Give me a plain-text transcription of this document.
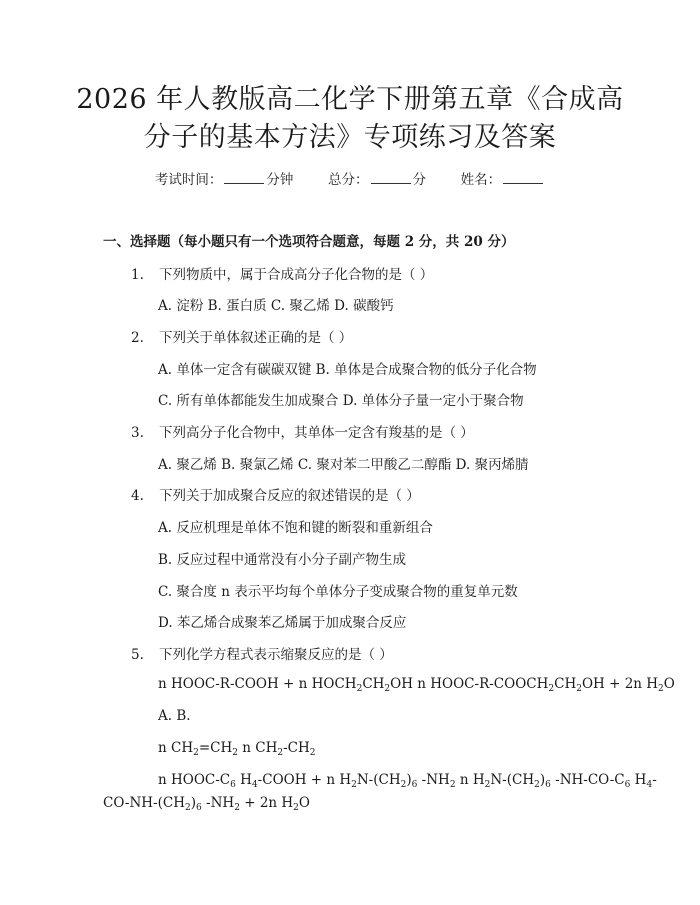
2026 年人教版高二化学下册第五章《合成高
分子的基本方法》专项练习及答案
考试时间：	分钟	总分：	分	姓名：
一、选择题（每小题只有一个选项符合题意，每题 2 分，共 20 分）
1. 下列物质中，属于合成高分子化合物的是（ ）
A. 淀粉 B. 蛋白质 C. 聚乙烯 D. 碳酸钙
2. 下列关于单体叙述正确的是（ ）
A. 单体一定含有碳碳双键 B. 单体是合成聚合物的低分子化合物
C. 所有单体都能发生加成聚合 D. 单体分子量一定小于聚合物
3. 下列高分子化合物中，其单体一定含有羧基的是（ ）
A. 聚乙烯 B. 聚氯乙烯 C. 聚对苯二甲酸乙二醇酯 D. 聚丙烯腈
4. 下列关于加成聚合反应的叙述错误的是（ ）
A. 反应机理是单体不饱和键的断裂和重新组合
B. 反应过程中通常没有小分子副产物生成
C. 聚合度 n 表示平均每个单体分子变成聚合物的重复单元数
D. 苯乙烯合成聚苯乙烯属于加成聚合反应
5. 下列化学方程式表示缩聚反应的是（ ）
n HOOC-R-COOH + n $HOCH_2CH_2OH$ n HOOC-$R-COOCH_2CH_2OH + 2n$ $H_2O$
A. B.
n $CH_2=CH_2$ n $CH_2-CH_2$
n HOOC-$C_6$ $H_4$-COOH + n $H_2N-(CH_2)_6$ $-NH_2$ n $H_2N-(CH_2)_6$ $-NH-CO-C_6$ $H_4-$
$CO-NH-(CH_2)_6$ $-NH_2 + 2n$ $H_2O$
